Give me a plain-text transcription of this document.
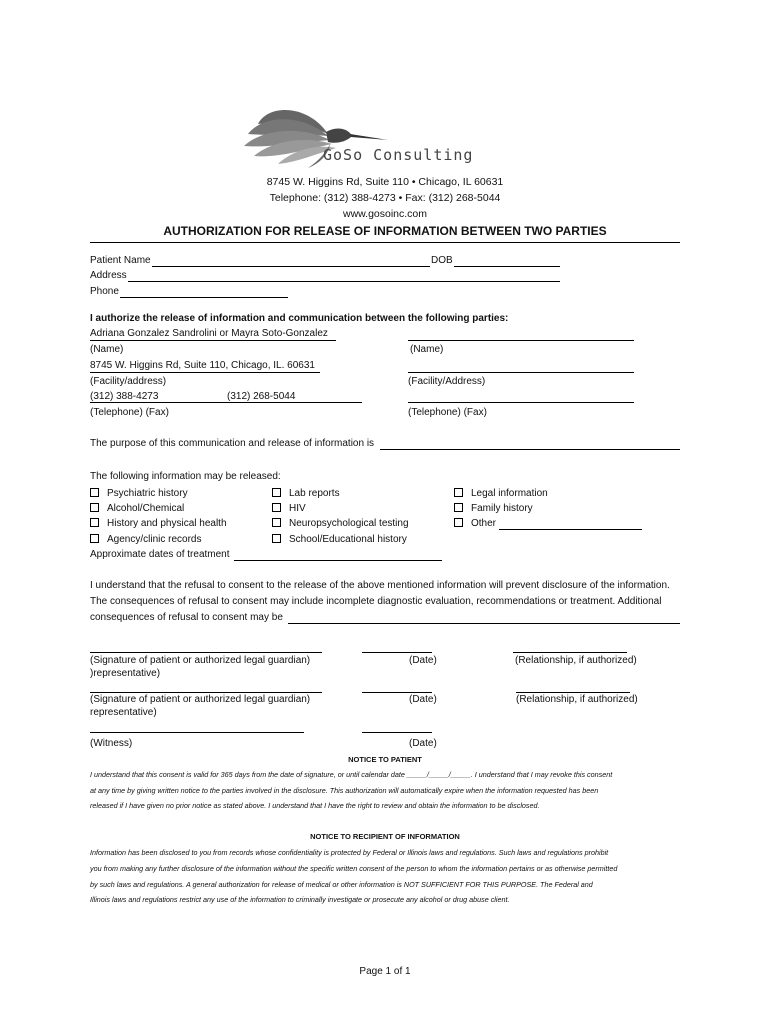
GoSo Consulting
8745 W. Higgins Rd, Suite 110 • Chicago, IL 60631
Telephone: (312) 388-4273 • Fax: (312) 268-5044
www.gosoinc.com
AUTHORIZATION FOR RELEASE OF INFORMATION BETWEEN TWO PARTIES
Patient Name	DOB
Address
Phone
I authorize the release of information and communication between the following parties:
Adriana Gonzalez Sandrolini or Mayra Soto-Gonzalez
(Name)	(Name)
8745 W. Higgins Rd, Suite 110, Chicago, IL. 60631
(Facility/address)	(Facility/Address)
(312) 388-4273	(312) 268-5044
(Telephone) (Fax)	(Telephone) (Fax)
The purpose of this communication and release of information is
The following information may be released:
Psychiatric history
Alcohol/Chemical
History and physical health
Agency/clinic records
Lab reports
HIV
Neuropsychological testing
School/Educational history
Legal information
Family history
Other
Approximate dates of treatment
I understand that the refusal to consent to the release of the above mentioned information will prevent disclosure of the information.
The consequences of refusal to consent may include incomplete diagnostic evaluation, recommendations or treatment. Additional
consequences of refusal to consent may be
(Signature of patient or authorized legal guardian)	(Date)	(Relationship, if authorized)
)representative)
(Signature of patient or authorized legal guardian)	(Date)	(Relationship, if authorized)
representative)
(Witness)	(Date)
NOTICE TO PATIENT
I understand that this consent is valid for 365 days from the date of signature, or until calendar date _____/_____/_____. I understand that I may revoke this consent
at any time by giving written notice to the parties involved in the disclosure. This authorization will automatically expire when the information requested has been
released if I have given no prior notice as stated above. I understand that I have the right to review and obtain the information to be disclosed.
NOTICE TO RECIPIENT OF INFORMATION
Information has been disclosed to you from records whose confidentiality is protected by Federal or Illinois laws and regulations. Such laws and regulations prohibit
you from making any further disclosure of the information without the specific written consent of the person to whom the information pertains or as otherwise permitted
by such laws and regulations. A general authorization for release of medical or other information is NOT SUFFICIENT FOR THIS PURPOSE. The Federal and
Illinois laws and regulations restrict any use of the information to criminally investigate or prosecute any alcohol or drug abuse client.
Page 1 of 1
